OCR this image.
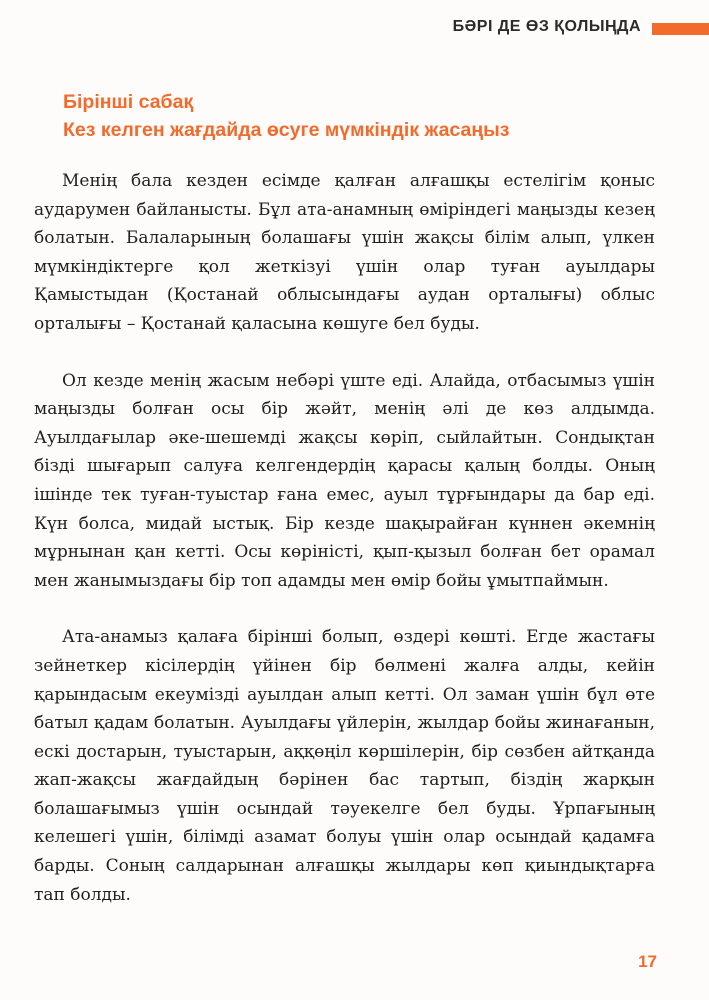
БӘРІ ДЕ ӨЗ ҚОЛЫҢДА
Бірінші сабақ
Кез келген жағдайда өсуге мүмкіндік жасаңыз

Менің бала кезден есімде қалған алғашқы естелігім қоныс аударумен байланысты. Бұл ата-анамның өміріндегі маңызды кезең болатын. Балаларының болашағы үшін жақсы білім алып, үлкен мүмкіндіктерге қол жеткізуі үшін олар туған ауылдары Қамыстыдан (Қостанай облысындағы аудан орталығы) облыс орталығы – Қостанай қаласына көшуге бел буды.

Ол кезде менің жасым небәрі үште еді. Алайда, отбасымыз үшін маңызды болған осы бір жәйт, менің әлі де көз алдымда. Ауылдағылар әке-шешемді жақсы көріп, сыйлайтын. Сондықтан бізді шығарып салуға келгендердің қарасы қалың болды. Оның ішінде тек туған-туыстар ғана емес, ауыл тұрғындары да бар еді. Күн болса, мидай ыстық. Бір кезде шақырайған күннен әкемнің мұрнынан қан кетті. Осы көріністі, қып-қызыл болған бет орамал мен жанымыздағы бір топ адамды мен өмір бойы ұмытпаймын.

Ата-анамыз қалаға бірінші болып, өздері көшті. Егде жастағы зейнеткер кісілердің үйінен бір бөлмені жалға алды, кейін қарындасым екеумізді ауылдан алып кетті. Ол заман үшін бұл өте батыл қадам болатын. Ауылдағы үйлерін, жылдар бойы жинағанын, ескі достарын, туыстарын, аққөңіл көршілерін, бір сөзбен айтқанда жап-жақсы жағдайдың бәрінен бас тартып, біздің жарқын болашағымыз үшін осындай тәуекелге бел буды. Ұрпағының келешегі үшін, білімді азамат болуы үшін олар осындай қадамға барды. Соның салдарынан алғашқы жылдары көп қиындықтарға тап болды.

17
